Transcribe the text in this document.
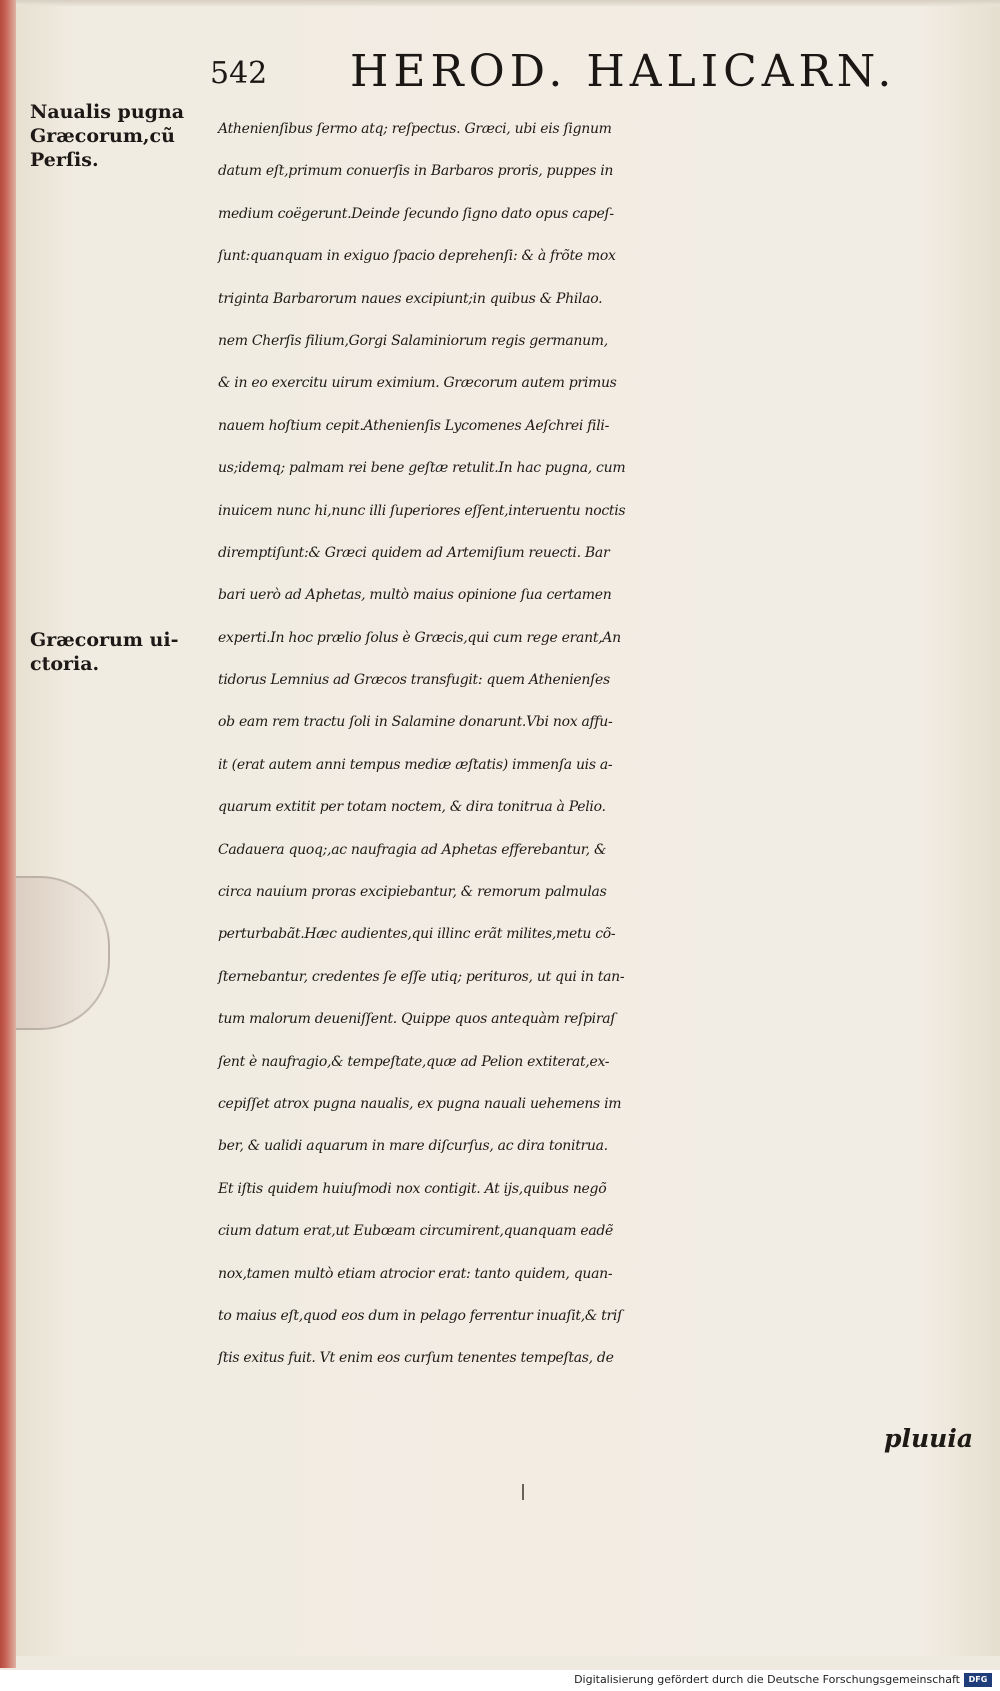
542 HEROD. HALICARN.
Naualis pugna
Græcorum,cũ
Perſis.
Græcorum ui-
ctoria.
Athenienſibus ſermo atq; reſpectus. Græci, ubi eis ſignum
datum eſt,primum conuerſis in Barbaros proris, puppes in
medium coëgerunt.Deinde ſecundo ſigno dato opus capeſ-
ſunt:quanquam in exiguo ſpacio deprehenſi: & à frõte mox
triginta Barbarorum naues excipiunt;in quibus & Philao.
nem Cherſis filium,Gorgi Salaminiorum regis germanum,
& in eo exercitu uirum eximium. Græcorum autem primus
nauem hoſtium cepit.Athenienſis Lycomenes Aeſchrei fili-
us;idemq; palmam rei bene geſtæ retulit.In hac pugna, cum
inuicem nunc hi,nunc illi ſuperiores eſſent,interuentu noctis
diremptiſunt:& Græci quidem ad Artemiſium reuecti. Bar
bari uerò ad Aphetas, multò maius opinione ſua certamen
experti.In hoc prælio ſolus è Græcis,qui cum rege erant,An
tidorus Lemnius ad Græcos transfugit: quem Athenienſes
ob eam rem tractu ſoli in Salamine donarunt.Vbi nox affu-
it (erat autem anni tempus mediæ æſtatis) immenſa uis a-
quarum extitit per totam noctem, & dira tonitrua à Pelio.
Cadauera quoq;,ac naufragia ad Aphetas efferebantur, &
circa nauium proras excipiebantur, & remorum palmulas
perturbabãt.Hæc audientes,qui illinc erãt milites,metu cõ-
ſternebantur, credentes ſe eſſe utiq; perituros, ut qui in tan-
tum malorum deueniſſent. Quippe quos antequàm reſpiraſ
ſent è naufragio,& tempeſtate,quæ ad Pelion extiterat,ex-
cepiſſet atrox pugna naualis, ex pugna nauali uehemens im
ber, & ualidi aquarum in mare diſcurſus, ac dira tonitrua.
Et iſtis quidem huiuſmodi nox contigit. At ijs,quibus negõ
cium datum erat,ut Eubœam circumirent,quanquam eadẽ
nox,tamen multò etiam atrocior erat: tanto quidem, quan-
to maius eſt,quod eos dum in pelago ferrentur inuaſit,& triſ
ſtis exitus fuit. Vt enim eos curſum tenentes tempeſtas, de
pluuia
Digitalisierung gefördert durch die Deutsche Forschungsgemeinschaft	DFG
